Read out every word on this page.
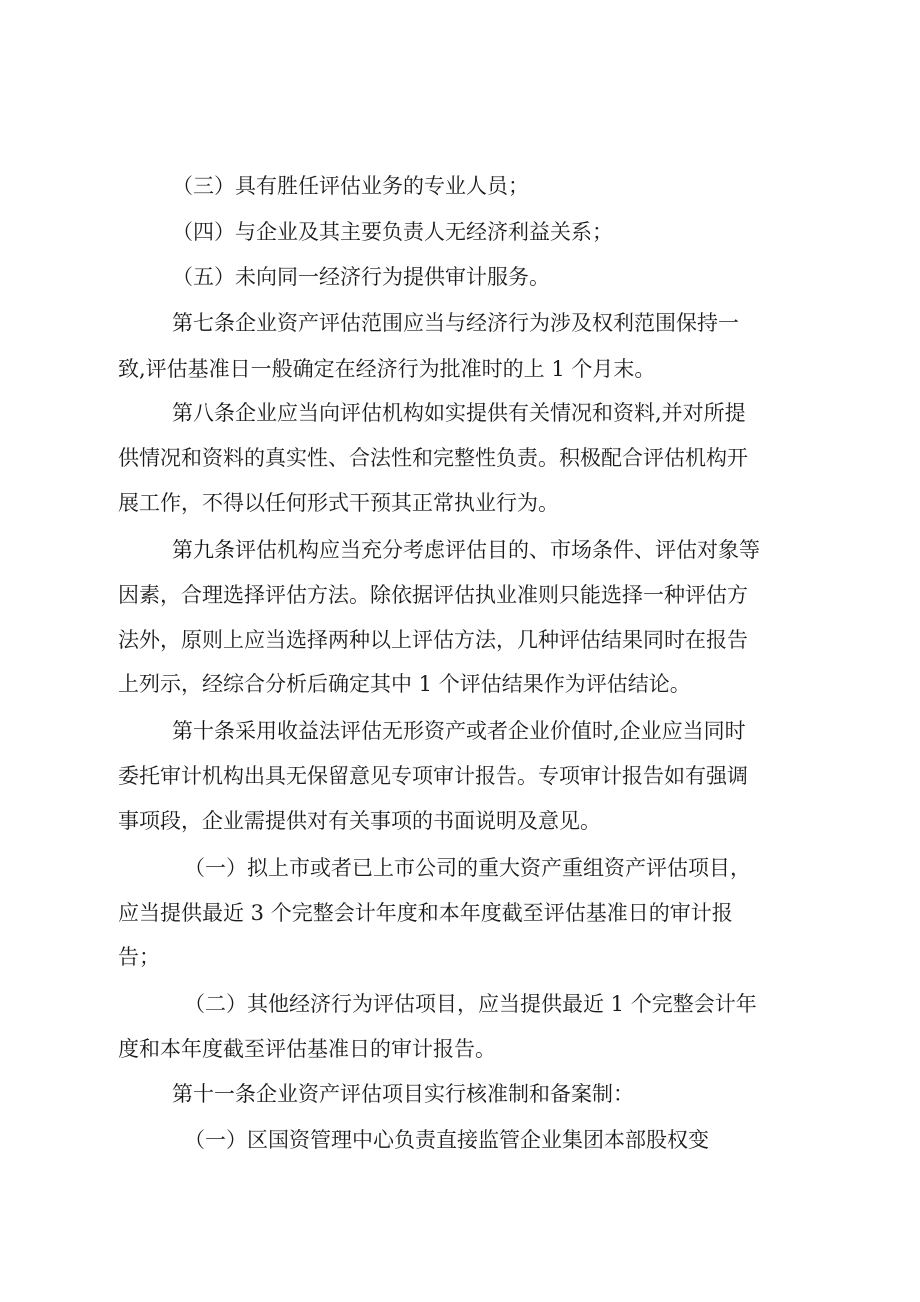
（三）具有胜任评估业务的专业人员；
（四）与企业及其主要负责人无经济利益关系；
（五）未向同一经济行为提供审计服务。
第七条企业资产评估范围应当与经济行为涉及权利范围保持一
致,评估基准日一般确定在经济行为批准时的上 1 个月末。
第八条企业应当向评估机构如实提供有关情况和资料,并对所提
供情况和资料的真实性、合法性和完整性负责。积极配合评估机构开
展工作，不得以任何形式干预其正常执业行为。
第九条评估机构应当充分考虑评估目的、市场条件、评估对象等
因素，合理选择评估方法。除依据评估执业准则只能选择一种评估方
法外，原则上应当选择两种以上评估方法，几种评估结果同时在报告
上列示，经综合分析后确定其中 1 个评估结果作为评估结论。
第十条采用收益法评估无形资产或者企业价值时,企业应当同时
委托审计机构出具无保留意见专项审计报告。专项审计报告如有强调
事项段，企业需提供对有关事项的书面说明及意见。
（一）拟上市或者已上市公司的重大资产重组资产评估项目，
应当提供最近 3 个完整会计年度和本年度截至评估基准日的审计报
告；
（二）其他经济行为评估项目，应当提供最近 1 个完整会计年
度和本年度截至评估基准日的审计报告。
第十一条企业资产评估项目实行核准制和备案制：
（一）区国资管理中心负责直接监管企业集团本部股权变
